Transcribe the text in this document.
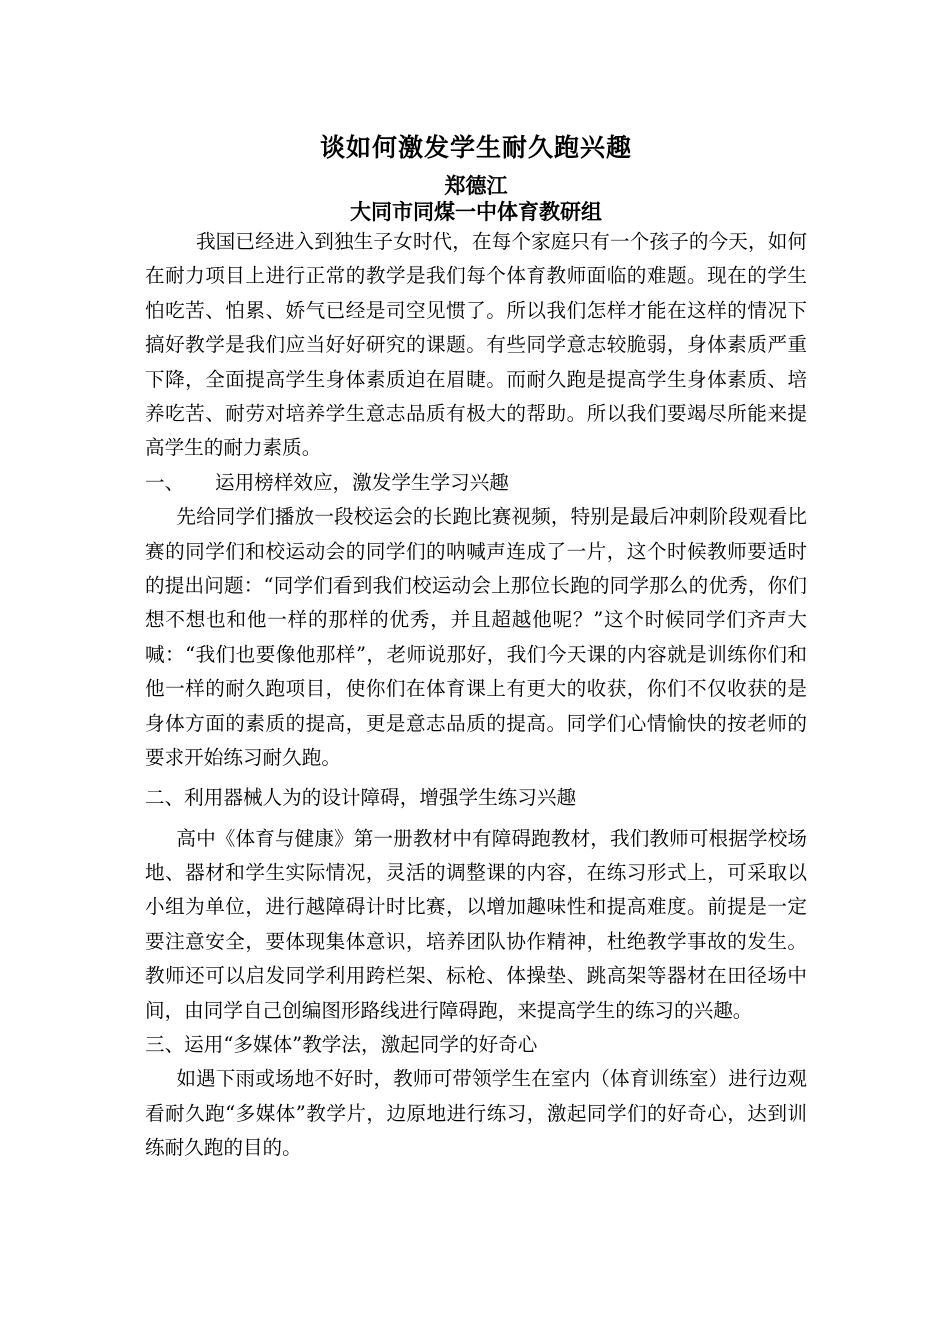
谈如何激发学生耐久跑兴趣

郑德江

大同市同煤一中体育教研组

我国已经进入到独生子女时代，在每个家庭只有一个孩子的今天，如何在耐力项目上进行正常的教学是我们每个体育教师面临的难题。现在的学生怕吃苦、怕累、娇气已经是司空见惯了。所以我们怎样才能在这样的情况下搞好教学是我们应当好好研究的课题。有些同学意志较脆弱，身体素质严重下降，全面提高学生身体素质迫在眉睫。而耐久跑是提高学生身体素质、培养吃苦、耐劳对培养学生意志品质有极大的帮助。所以我们要竭尽所能来提高学生的耐力素质。

一、 运用榜样效应，激发学生学习兴趣

先给同学们播放一段校运会的长跑比赛视频，特别是最后冲刺阶段观看比赛的同学们和校运动会的同学们的呐喊声连成了一片，这个时候教师要适时的提出问题：“同学们看到我们校运动会上那位长跑的同学那么的优秀，你们想不想也和他一样的那样的优秀，并且超越他呢？”这个时候同学们齐声大喊：“我们也要像他那样”，老师说那好，我们今天课的内容就是训练你们和他一样的耐久跑项目，使你们在体育课上有更大的收获，你们不仅收获的是身体方面的素质的提高，更是意志品质的提高。同学们心情愉快的按老师的要求开始练习耐久跑。

二、利用器械人为的设计障碍，增强学生练习兴趣

高中《体育与健康》第一册教材中有障碍跑教材，我们教师可根据学校场地、器材和学生实际情况，灵活的调整课的内容，在练习形式上，可采取以小组为单位，进行越障碍计时比赛，以增加趣味性和提高难度。前提是一定要注意安全，要体现集体意识，培养团队协作精神，杜绝教学事故的发生。教师还可以启发同学利用跨栏架、标枪、体操垫、跳高架等器材在田径场中间，由同学自己创编图形路线进行障碍跑，来提高学生的练习的兴趣。

三、运用“多媒体”教学法，激起同学的好奇心

如遇下雨或场地不好时，教师可带领学生在室内（体育训练室）进行边观看耐久跑“多媒体”教学片，边原地进行练习，激起同学们的好奇心，达到训练耐久跑的目的。
